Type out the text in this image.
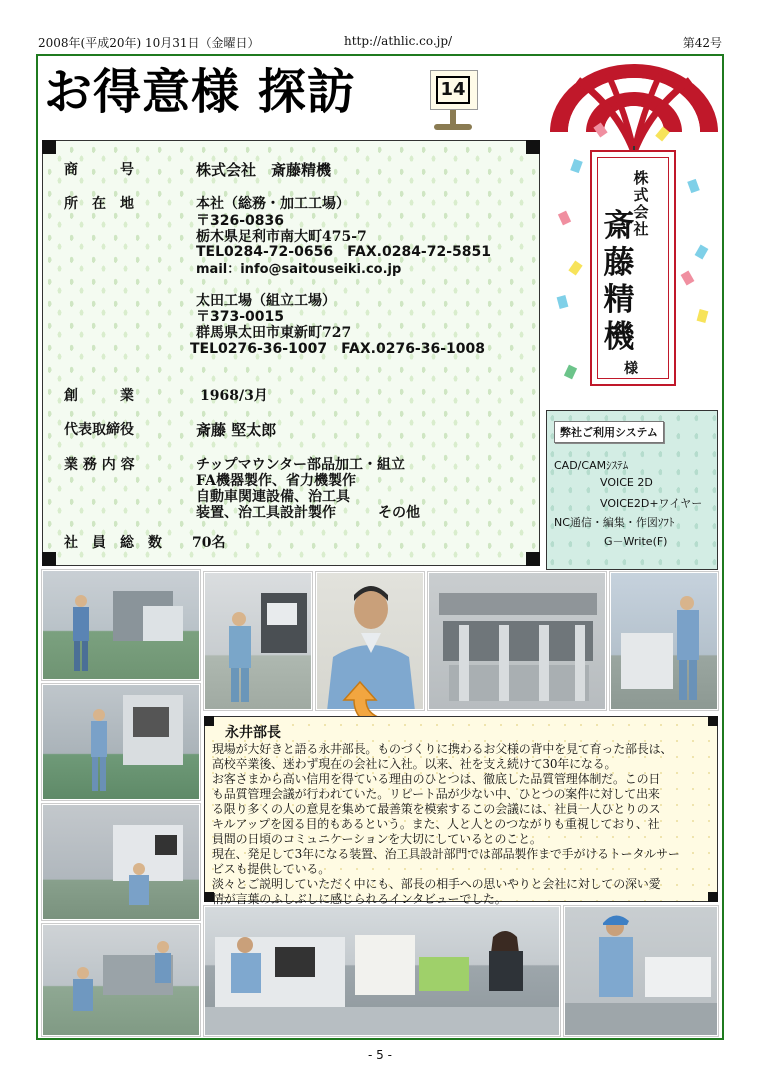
2008年(平成20年) 10月31日（金曜日）	http://athlic.co.jp/	第42号
お得意様 探訪	14
商　　　号	株式会社　斎藤精機
所　在　地	本社（総務・加工工場）
〒326-0836
栃木県足利市南大町475-7
TEL0284-72-0656　FAX.0284-72-5851
mail：info@saitouseiki.co.jp
太田工場（組立工場）
〒373-0015
群馬県太田市東新町727
TEL0276-36-1007　FAX.0276-36-1008
創　　　業	1968/3月
代表取締役	斎藤 堅太郎
業 務 内 容	チップマウンター部品加工・組立
FA機器製作、省力機製作
自動車関連設備、治工具
装置、治工具設計製作　　　その他
社　員　総　数 70名
株式会社
斎藤精機
様
弊社ご利用システム
CAD/CAMｼｽﾃﾑ
VOICE 2D
VOICE2D+ワイヤー
NC通信・編集・作図ｿﾌﾄ
G－Write(F)
永井部長
現場が大好きと語る永井部長。ものづくりに携わるお父様の背中を見て育った部長は、
高校卒業後、迷わず現在の会社に入社。以来、社を支え続けて30年になる。
お客さまから高い信用を得ている理由のひとつは、徹底した品質管理体制だ。この日
も品質管理会議が行われていた。リピート品が少ない中、ひとつの案件に対して出来
る限り多くの人の意見を集めて最善策を模索するこの会議には、社員一人ひとりのス
キルアップを図る目的もあるという。また、人と人とのつながりも重視しており、社
員間の日頃のコミュニケーションを大切にしているとのこと。
現在、発足して3年になる装置、治工具設計部門では部品製作まで手がけるトータルサー
ビスも提供している。
淡々とご説明していただく中にも、部長の相手への思いやりと会社に対しての深い愛
情が言葉のふしぶしに感じられるインタビューでした。
- 5 -
